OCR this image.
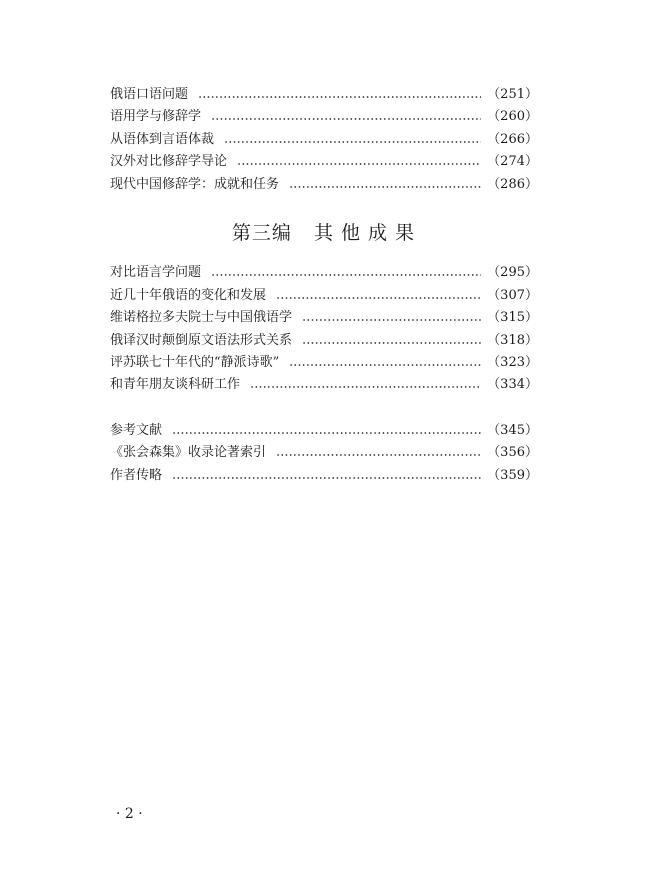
俄语口语问题	（251）
语用学与修辞学	（260）
从语体到言语体裁	（266）
汉外对比修辞学导论	（274）
现代中国修辞学：成就和任务	（286）
第三编 其 他 成 果
对比语言学问题	（295）
近几十年俄语的变化和发展	（307）
维诺格拉多夫院士与中国俄语学	（315）
俄译汉时颠倒原文语法形式关系	（318）
评苏联七十年代的“静派诗歌”	（323）
和青年朋友谈科研工作	（334）
参考文献	（345）
《张会森集》收录论著索引	（356）
作者传略	（359）
· 2 ·
